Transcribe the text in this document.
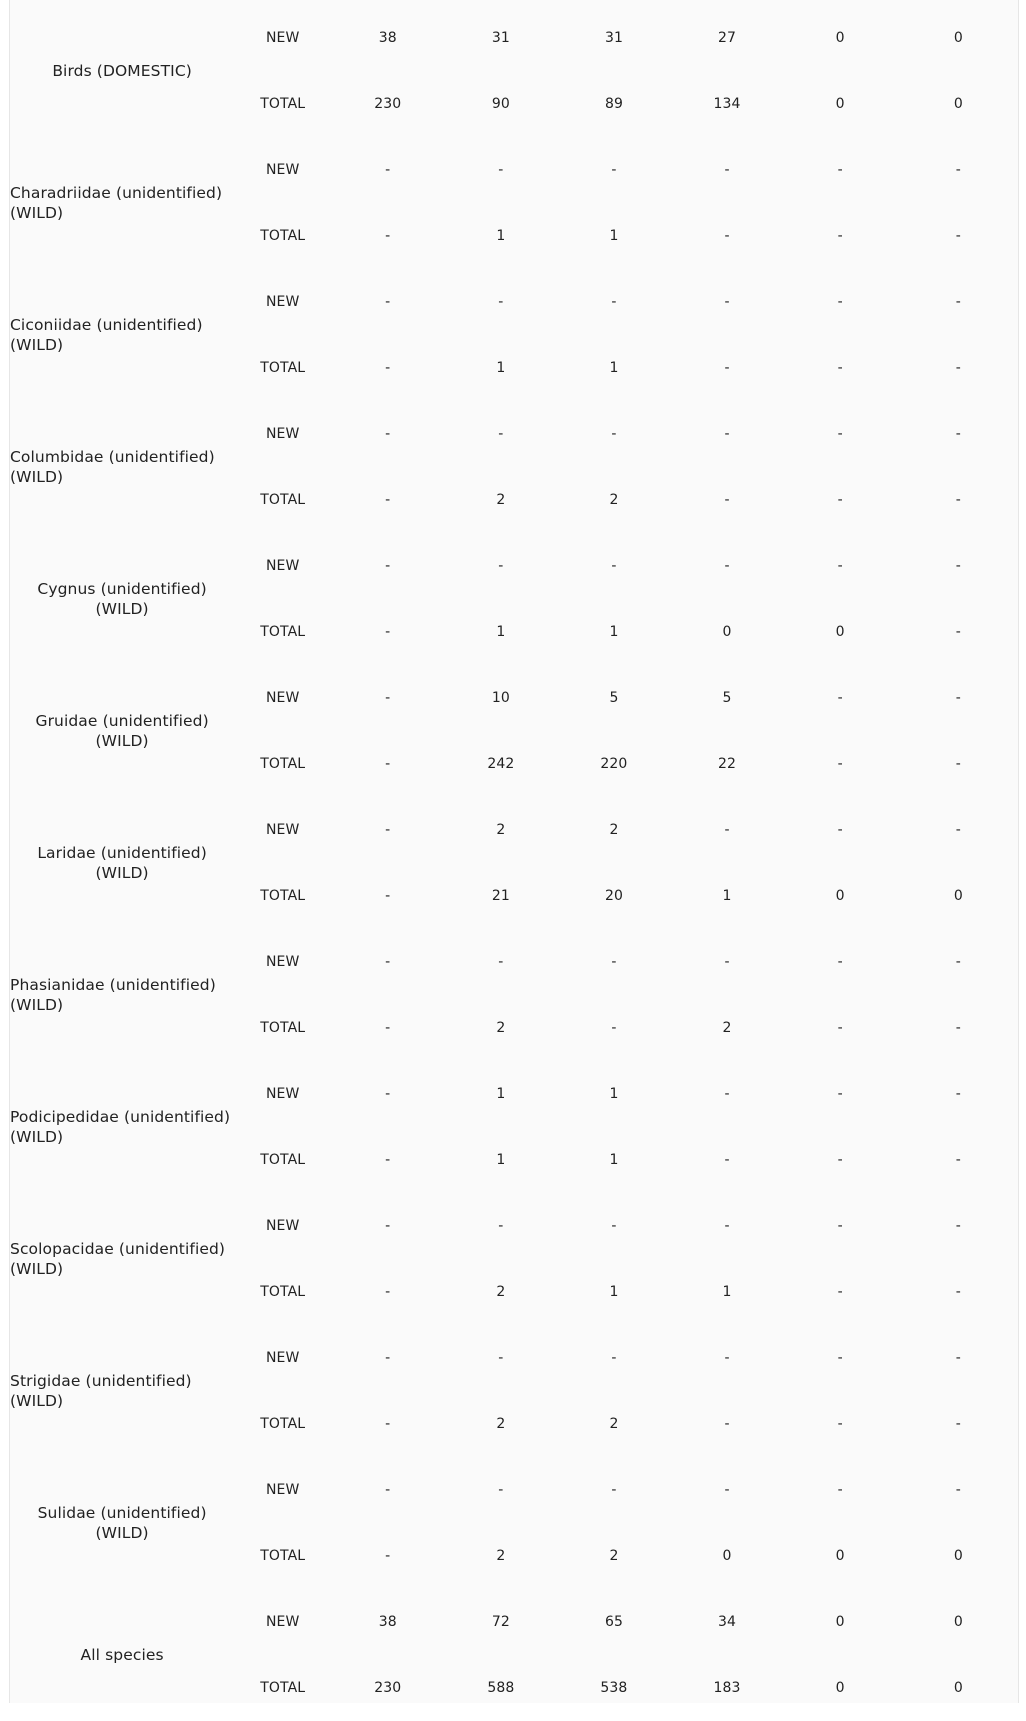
Birds (DOMESTIC)	NEW	38	31	31	27	0	0
	TOTAL	230	90	89	134	0	0
Charadriidae (unidentified) (WILD)	NEW	-	-	-	-	-	-
	TOTAL	-	1	1	-	-	-
Ciconiidae (unidentified) (WILD)	NEW	-	-	-	-	-	-
	TOTAL	-	1	1	-	-	-
Columbidae (unidentified) (WILD)	NEW	-	-	-	-	-	-
	TOTAL	-	2	2	-	-	-
Cygnus (unidentified) (WILD)	NEW	-	-	-	-	-	-
	TOTAL	-	1	1	0	0	-
Gruidae (unidentified) (WILD)	NEW	-	10	5	5	-	-
	TOTAL	-	242	220	22	-	-
Laridae (unidentified) (WILD)	NEW	-	2	2	-	-	-
	TOTAL	-	21	20	1	0	0
Phasianidae (unidentified) (WILD)	NEW	-	-	-	-	-	-
	TOTAL	-	2	-	2	-	-
Podicipedidae (unidentified) (WILD)	NEW	-	1	1	-	-	-
	TOTAL	-	1	1	-	-	-
Scolopacidae (unidentified) (WILD)	NEW	-	-	-	-	-	-
	TOTAL	-	2	1	1	-	-
Strigidae (unidentified) (WILD)	NEW	-	-	-	-	-	-
	TOTAL	-	2	2	-	-	-
Sulidae (unidentified) (WILD)	NEW	-	-	-	-	-	-
	TOTAL	-	2	2	0	0	0
All species	NEW	38	72	65	34	0	0
	TOTAL	230	588	538	183	0	0
